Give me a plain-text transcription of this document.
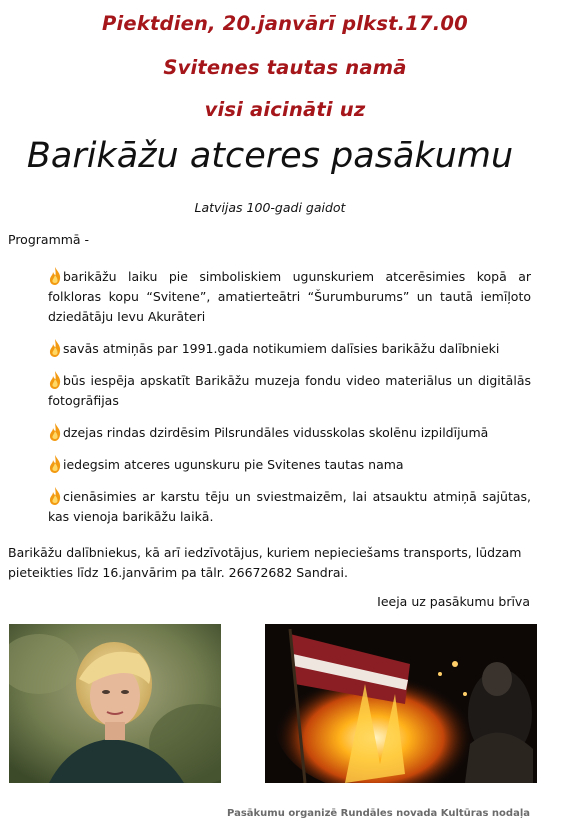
Piektdien, 20.janvārī plkst.17.00
Svitenes tautas namā
visi aicināti uz
Barikāžu atceres pasākumu
Latvijas 100-gadi gaidot
Programmā -
barikāžu laiku pie simboliskiem ugunskuriem atcerēsimies kopā ar folkloras kopu “Svitene”, amatierteātri “Šurumburums” un tautā iemīļoto dziedātāju Ievu Akurāteri
savās atmiņās par 1991.gada notikumiem dalīsies barikāžu dalībnieki
būs iespēja apskatīt Barikāžu muzeja fondu video materiālus un digitālās fotogrāfijas
dzejas rindas dzirdēsim Pilsrundāles vidusskolas skolēnu izpildījumā
iedegsim atceres ugunskuru pie Svitenes tautas nama
cienāsimies ar karstu tēju un sviestmaizēm, lai atsauktu atmiņā sajūtas, kas vienoja barikāžu laikā.
Barikāžu dalībniekus, kā arī iedzīvotājus, kuriem nepieciešams transports, lūdzam pieteikties līdz 16.janvārim pa tālr. 26672682 Sandrai.
Ieeja uz pasākumu brīva
Pasākumu organizē Rundāles novada Kultūras nodaļa
